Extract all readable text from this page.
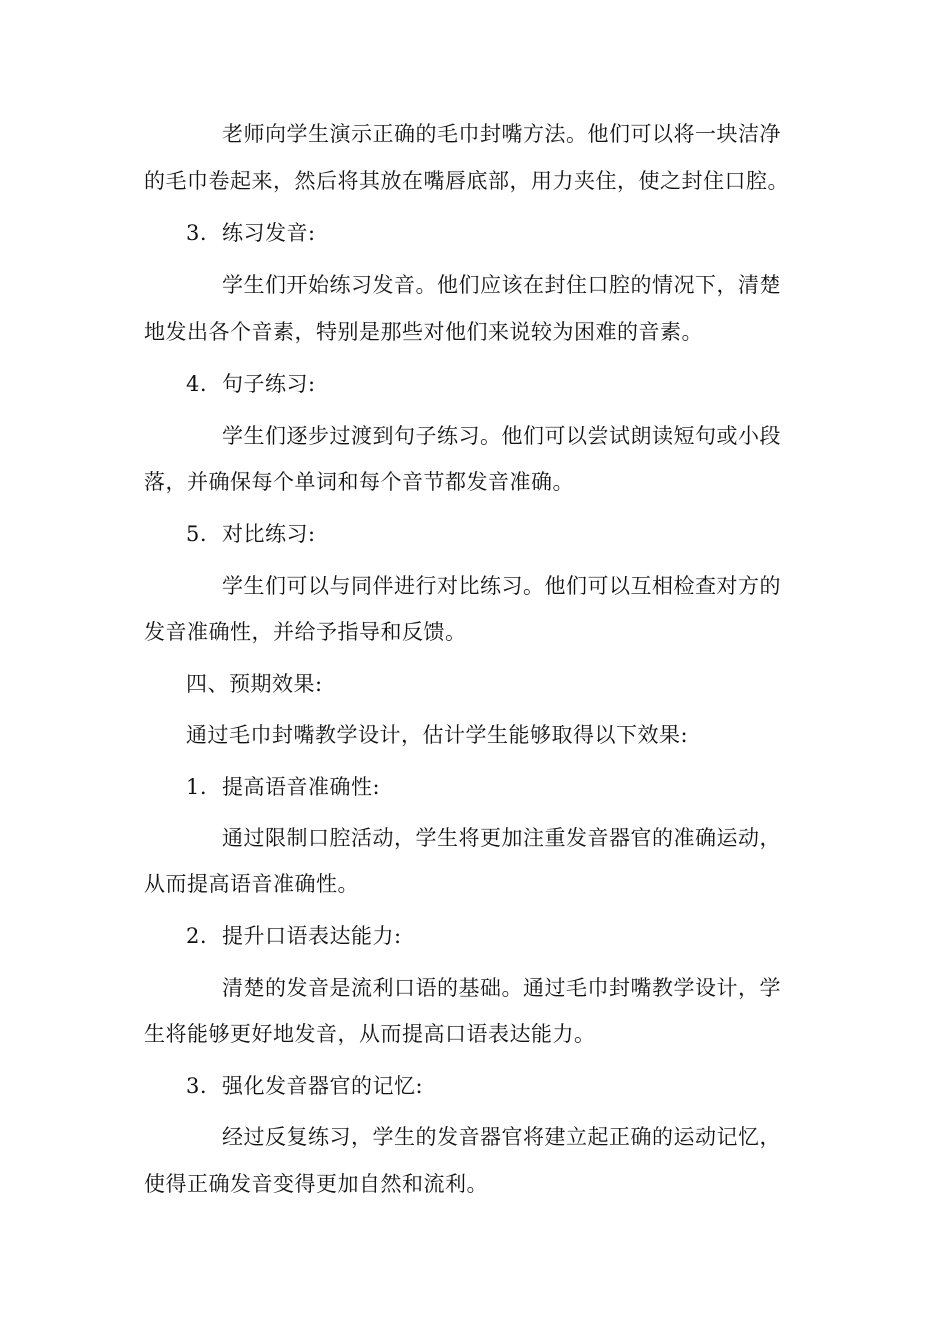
老师向学生演示正确的毛巾封嘴方法。他们可以将一块洁净
的毛巾卷起来，然后将其放在嘴唇底部，用力夹住，使之封住口腔。
3. 练习发音:
学生们开始练习发音。他们应该在封住口腔的情况下，清楚
地发出各个音素，特别是那些对他们来说较为困难的音素。
4. 句子练习:
学生们逐步过渡到句子练习。他们可以尝试朗读短句或小段
落，并确保每个单词和每个音节都发音准确。
5. 对比练习:
学生们可以与同伴进行对比练习。他们可以互相检查对方的
发音准确性，并给予指导和反馈。
四、预期效果:
通过毛巾封嘴教学设计，估计学生能够取得以下效果:
1. 提高语音准确性:
通过限制口腔活动，学生将更加注重发音器官的准确运动，
从而提高语音准确性。
2. 提升口语表达能力:
清楚的发音是流利口语的基础。通过毛巾封嘴教学设计，学
生将能够更好地发音，从而提高口语表达能力。
3. 强化发音器官的记忆:
经过反复练习，学生的发音器官将建立起正确的运动记忆，
使得正确发音变得更加自然和流利。
